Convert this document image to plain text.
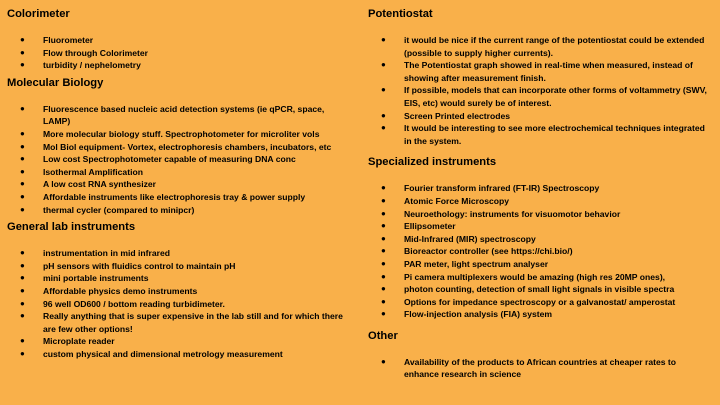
Colorimeter
● Fluorometer
● Flow through Colorimeter
● turbidity / nephelometry
Molecular Biology
● Fluorescence based nucleic acid detection systems (ie qPCR, space, LAMP)
● More molecular biology stuff. Spectrophotometer for microliter vols
● Mol Biol equipment- Vortex, electrophoresis chambers, incubators, etc
● Low cost Spectrophotometer capable of measuring DNA conc
● Isothermal Amplification
● A low cost RNA synthesizer
● Affordable instruments like electrophoresis tray & power supply
● thermal cycler (compared to minipcr)
General lab instruments
● instrumentation in mid infrared
● pH sensors with fluidics control to maintain pH
● mini portable instruments
● Affordable physics demo instruments
● 96 well OD600 / bottom reading turbidimeter.
● Really anything that is super expensive in the lab still and for which there are few other options!
● Microplate reader
● custom physical and dimensional metrology measurement
Potentiostat
● it would be nice if the current range of the potentiostat could be extended (possible to supply higher currents).
● The Potentiostat graph showed in real-time when measured, instead of showing after measurement finish.
● If possible, models that can incorporate other forms of voltammetry (SWV, EIS, etc) would surely be of interest.
● Screen Printed electrodes
● It would be interesting to see more electrochemical techniques integrated in the system.
Specialized instruments
● Fourier transform infrared (FT-IR) Spectroscopy
● Atomic Force Microscopy
● Neuroethology: instruments for visuomotor behavior
● Ellipsometer
● Mid-Infrared (MIR) spectroscopy
● Bioreactor controller (see https://chi.bio/)
● PAR meter, light spectrum analyser
● Pi camera multiplexers would be amazing (high res 20MP ones),
● photon counting, detection of small light signals in visible spectra
● Options for impedance spectroscopy or a galvanostat/ amperostat
● Flow-injection analysis (FIA) system
Other
● Availability of the products to African countries at cheaper rates to enhance research in science
